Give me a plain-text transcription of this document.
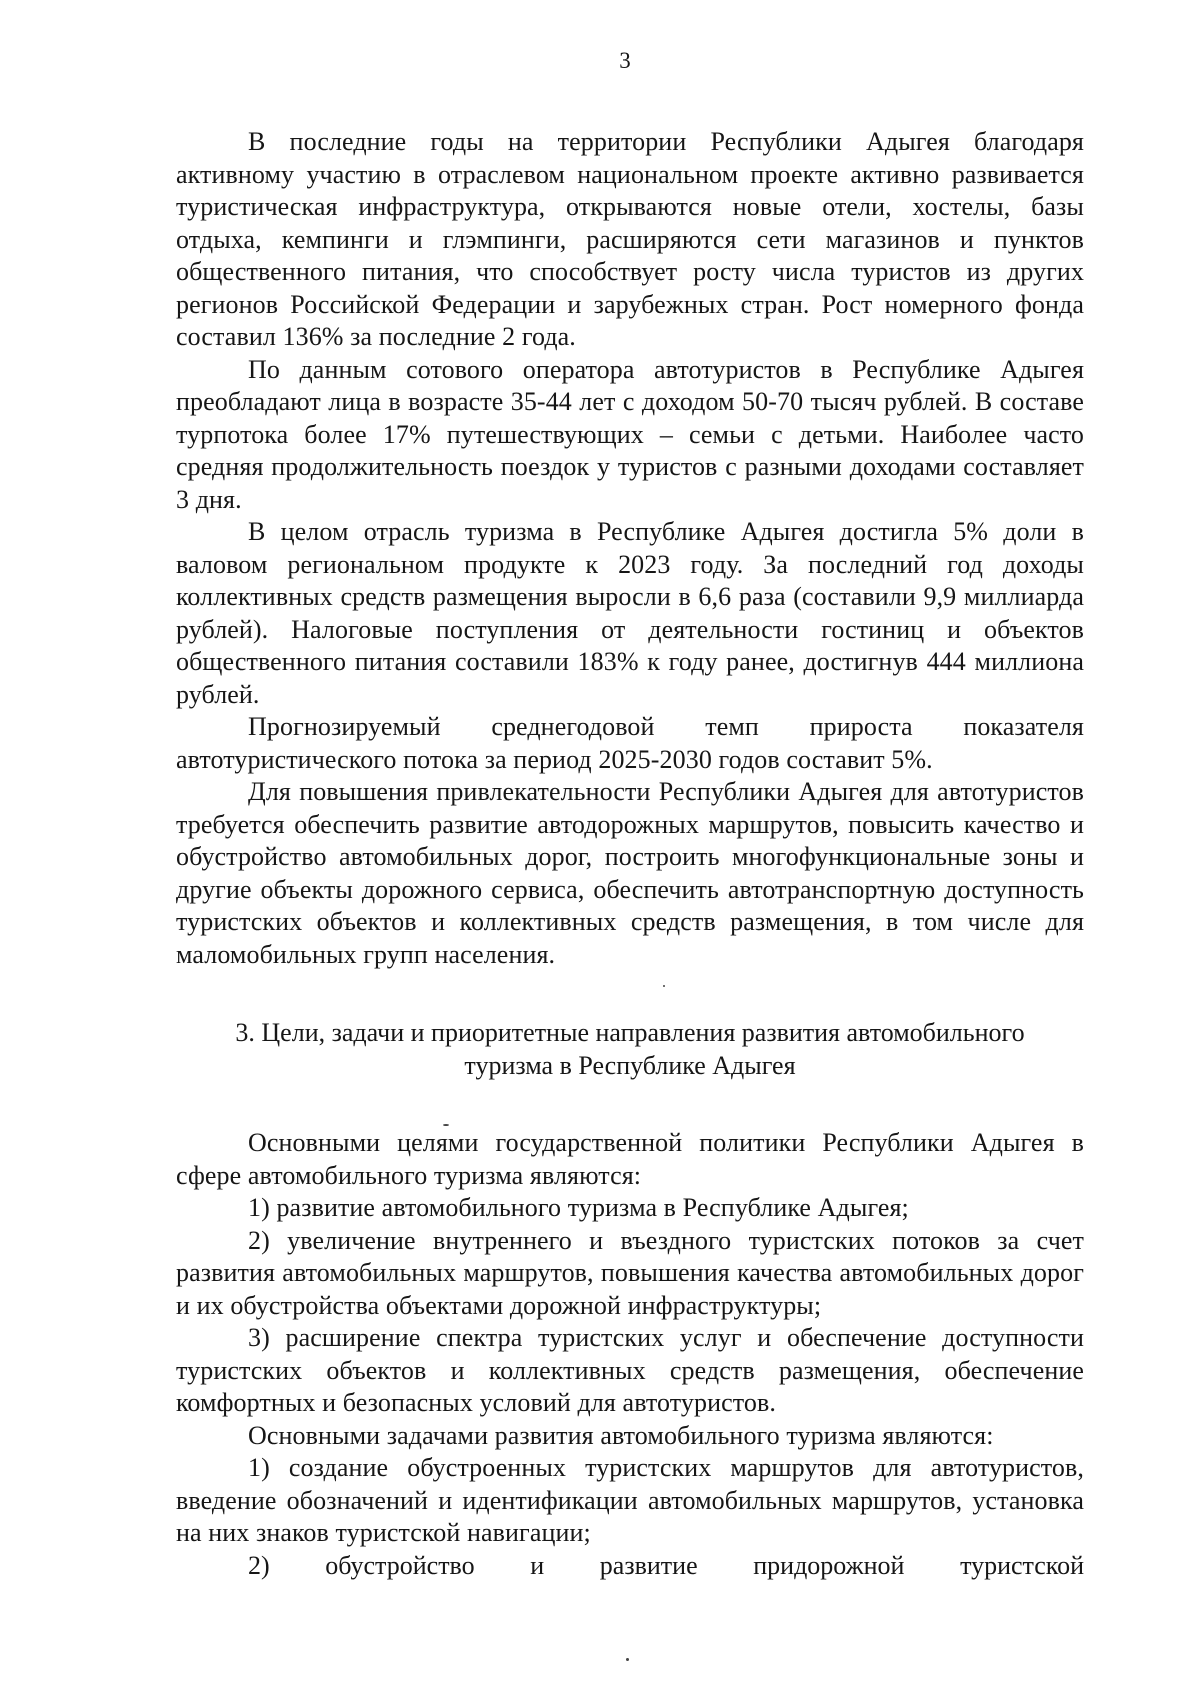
3

В последние годы на территории Республики Адыгея благодаря активному участию в отраслевом национальном проекте активно развивается туристическая инфраструктура, открываются новые отели, хостелы, базы отдыха, кемпинги и глэмпинги, расширяются сети магазинов и пунктов общественного питания, что способствует росту числа туристов из других регионов Российской Федерации и зарубежных стран. Рост номерного фонда составил 136% за последние 2 года.

По данным сотового оператора автотуристов в Республике Адыгея преобладают лица в возрасте 35-44 лет с доходом 50-70 тысяч рублей. В составе турпотока более 17% путешествующих – семьи с детьми. Наиболее часто средняя продолжительность поездок у туристов с разными доходами составляет 3 дня.

В целом отрасль туризма в Республике Адыгея достигла 5% доли в валовом региональном продукте к 2023 году. За последний год доходы коллективных средств размещения выросли в 6,6 раза (составили 9,9 миллиарда рублей). Налоговые поступления от деятельности гостиниц и объектов общественного питания составили 183% к году ранее, достигнув 444 миллиона рублей.

Прогнозируемый среднегодовой темп прироста показателя автотуристического потока за период 2025-2030 годов составит 5%.

Для повышения привлекательности Республики Адыгея для автотуристов требуется обеспечить развитие автодорожных маршрутов, повысить качество и обустройство автомобильных дорог, построить многофункциональные зоны и другие объекты дорожного сервиса, обеспечить автотранспортную доступность туристских объектов и коллективных средств размещения, в том числе для маломобильных групп населения.

3. Цели, задачи и приоритетные направления развития автомобильного
туризма в Республике Адыгея

Основными целями государственной политики Республики Адыгея в сфере автомобильного туризма являются:

1) развитие автомобильного туризма в Республике Адыгея;

2) увеличение внутреннего и въездного туристских потоков за счет развития автомобильных маршрутов, повышения качества автомобильных дорог и их обустройства объектами дорожной инфраструктуры;

3) расширение спектра туристских услуг и обеспечение доступности туристских объектов и коллективных средств размещения, обеспечение комфортных и безопасных условий для автотуристов.

Основными задачами развития автомобильного туризма являются:

1) создание обустроенных туристских маршрутов для автотуристов, введение обозначений и идентификации автомобильных маршрутов, установка на них знаков туристской навигации;

2) обустройство и развитие придорожной туристской
